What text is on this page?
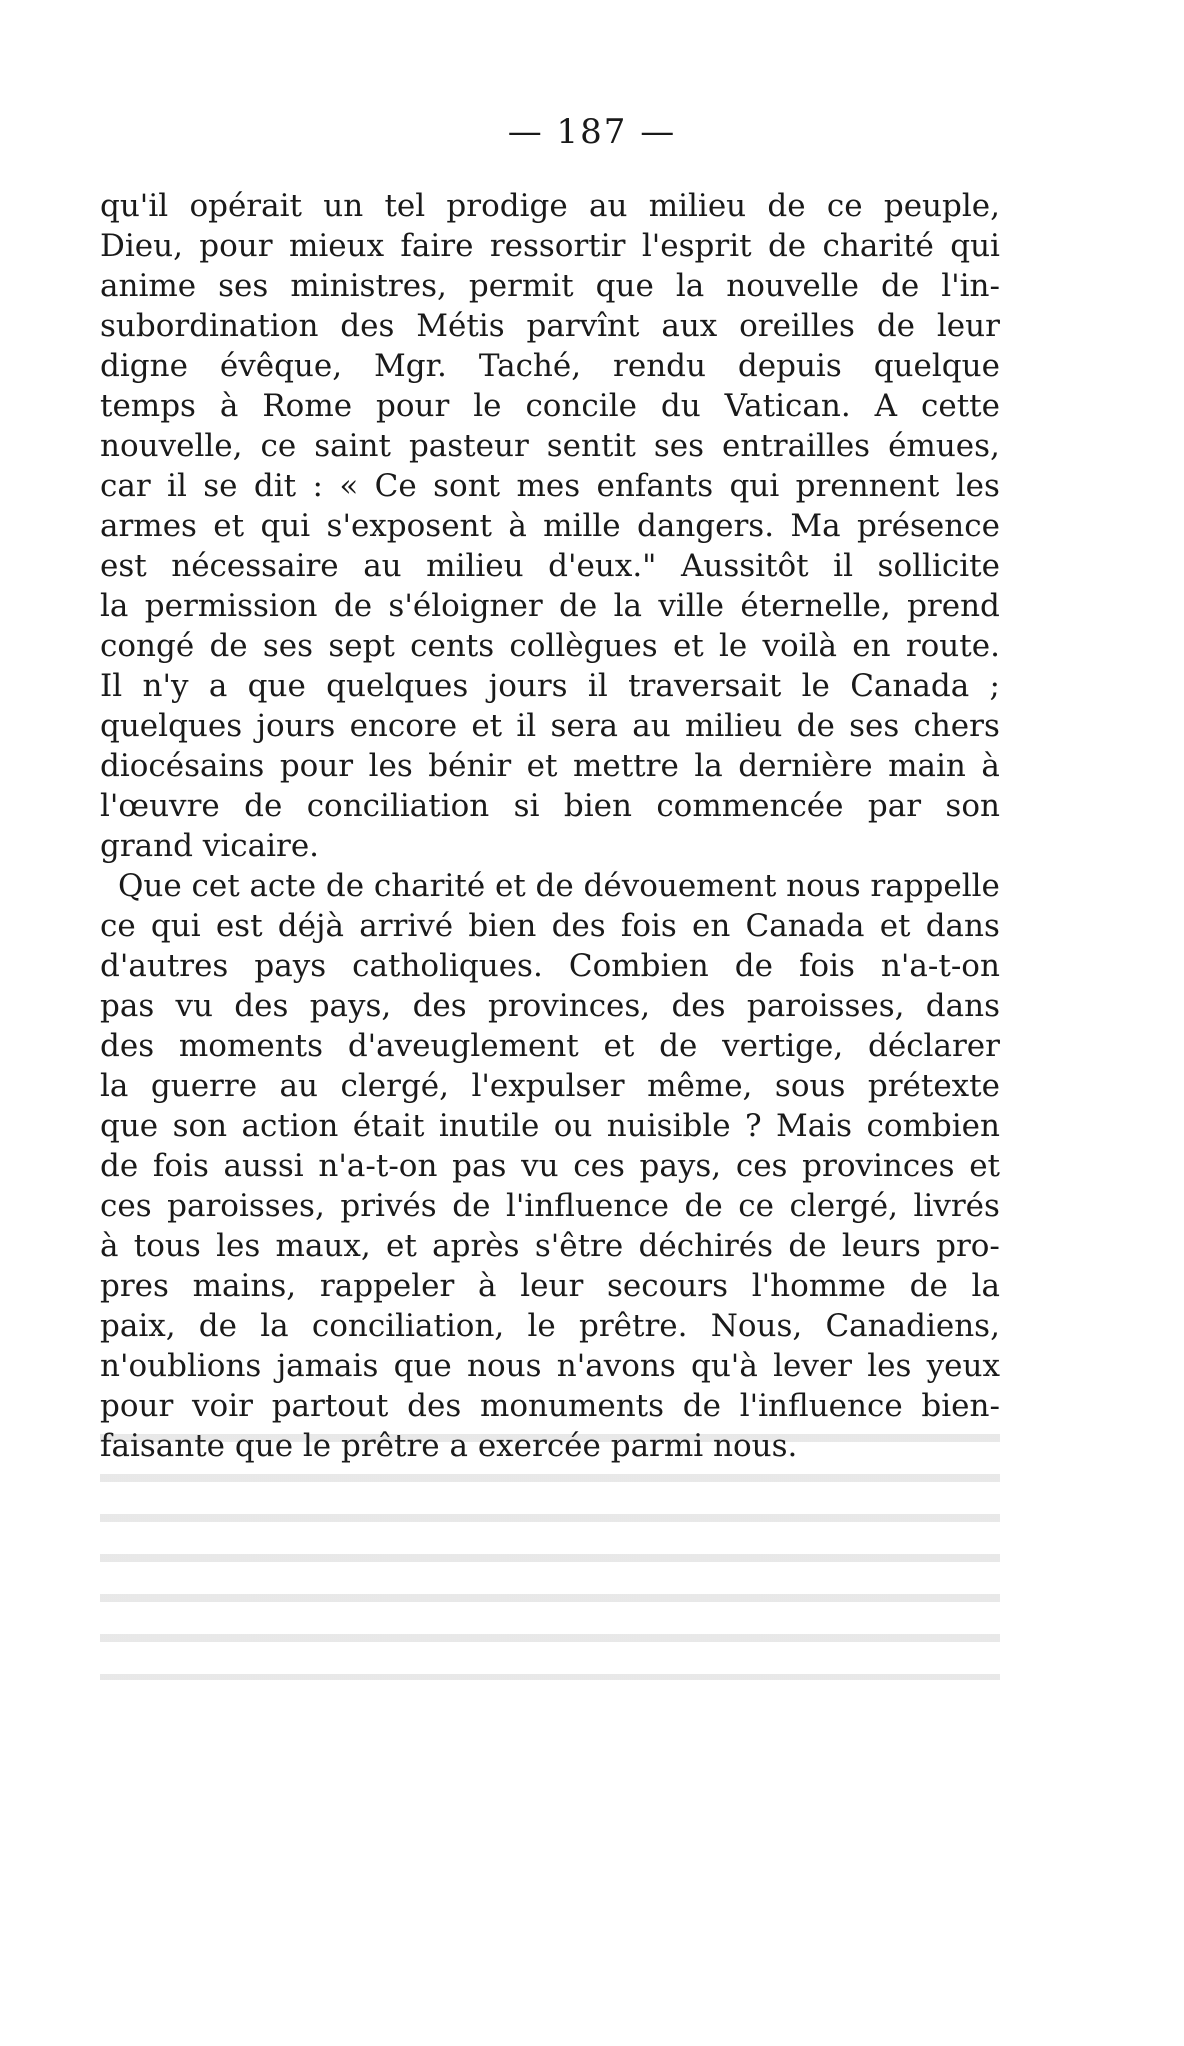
— 187 —
qu'il opérait un tel prodige au milieu de ce peuple,
Dieu, pour mieux faire ressortir l'esprit de charité qui
anime ses ministres, permit que la nouvelle de l'in-
subordination des Métis parvînt aux oreilles de leur
digne évêque, Mgr. Taché, rendu depuis quelque
temps à Rome pour le concile du Vatican. A cette
nouvelle, ce saint pasteur sentit ses entrailles émues,
car il se dit : « Ce sont mes enfants qui prennent les
armes et qui s'exposent à mille dangers. Ma présence
est nécessaire au milieu d'eux." Aussitôt il sollicite
la permission de s'éloigner de la ville éternelle, prend
congé de ses sept cents collègues et le voilà en route.
Il n'y a que quelques jours il traversait le Canada ;
quelques jours encore et il sera au milieu de ses chers
diocésains pour les bénir et mettre la dernière main à
l'œuvre de conciliation si bien commencée par son
grand vicaire.
Que cet acte de charité et de dévouement nous rappelle
ce qui est déjà arrivé bien des fois en Canada et dans
d'autres pays catholiques. Combien de fois n'a-t-on
pas vu des pays, des provinces, des paroisses, dans
des moments d'aveuglement et de vertige, déclarer
la guerre au clergé, l'expulser même, sous prétexte
que son action était inutile ou nuisible ? Mais combien
de fois aussi n'a-t-on pas vu ces pays, ces provinces et
ces paroisses, privés de l'influence de ce clergé, livrés
à tous les maux, et après s'être déchirés de leurs pro-
pres mains, rappeler à leur secours l'homme de la
paix, de la conciliation, le prêtre. Nous, Canadiens,
n'oublions jamais que nous n'avons qu'à lever les yeux
pour voir partout des monuments de l'influence bien-
faisante que le prêtre a exercée parmi nous.
